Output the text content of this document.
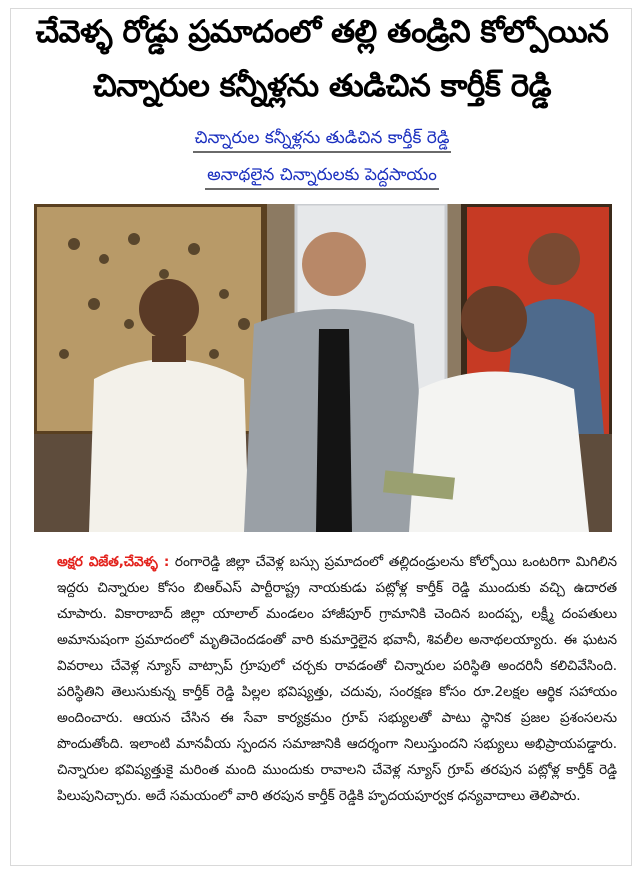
చేవెళ్ళ రోడ్డు ప్రమాదంలో తల్లి తండ్రిని కోల్పోయిన
చిన్నారుల కన్నీళ్లను తుడిచిన కార్తీక్ రెడ్డి
చిన్నారుల కన్నీళ్లను తుడిచిన కార్తీక్ రెడ్డి
అనాథలైన చిన్నారులకు పెద్దసాయం
అక్షర విజేత,చేవెళ్ళ : రంగారెడ్డి జిల్లా చేవెళ్ల బస్సు ప్రమాదంలో తల్లిదండ్రులను కోల్పోయి ఒంటరిగా మిగిలిన ఇద్దరు చిన్నారుల కోసం బిఆర్ఎస్ పార్టీరాష్ట్ర నాయకుడు పట్లోళ్ల కార్తీక్ రెడ్డి ముందుకు వచ్చి ఉదారత చూపారు. వికారాబాద్ జిల్లా యాలాల్ మండలం హాజీపూర్ గ్రామానికి చెందిన బందప్ప, లక్ష్మీ దంపతులు అమానుషంగా ప్రమాదంలో మృతిచెందడంతో వారి కుమార్తెలైన భవానీ, శివలీల అనాథలయ్యారు. ఈ ఘటన వివరాలు చేవెళ్ల న్యూస్ వాట్సాప్ గ్రూపులో చర్చకు రావడంతో చిన్నారుల పరిస్థితి అందరినీ కలిచివేసింది. పరిస్థితిని తెలుసుకున్న కార్తీక్ రెడ్డి పిల్లల భవిష్యత్తు, చదువు, సంరక్షణ కోసం రూ.2లక్షల ఆర్థిక సహాయం అందించారు. ఆయన చేసిన ఈ సేవా కార్యక్రమం గ్రూప్ సభ్యులతో పాటు స్థానిక ప్రజల ప్రశంసలను పొందుతోంది. ఇలాంటి మానవీయ స్పందన సమాజానికి ఆదర్శంగా నిలుస్తుందని సభ్యులు అభిప్రాయపడ్డారు. చిన్నారుల భవిష్యత్తుకై మరింత మంది ముందుకు రావాలని చేవెళ్ల న్యూస్ గ్రూప్ తరపున పట్లోళ్ల కార్తీక్ రెడ్డి పిలుపునిచ్చారు. అదే సమయంలో వారి తరపున కార్తీక్ రెడ్డికి హృదయపూర్వక ధన్యవాదాలు తెలిపారు.
